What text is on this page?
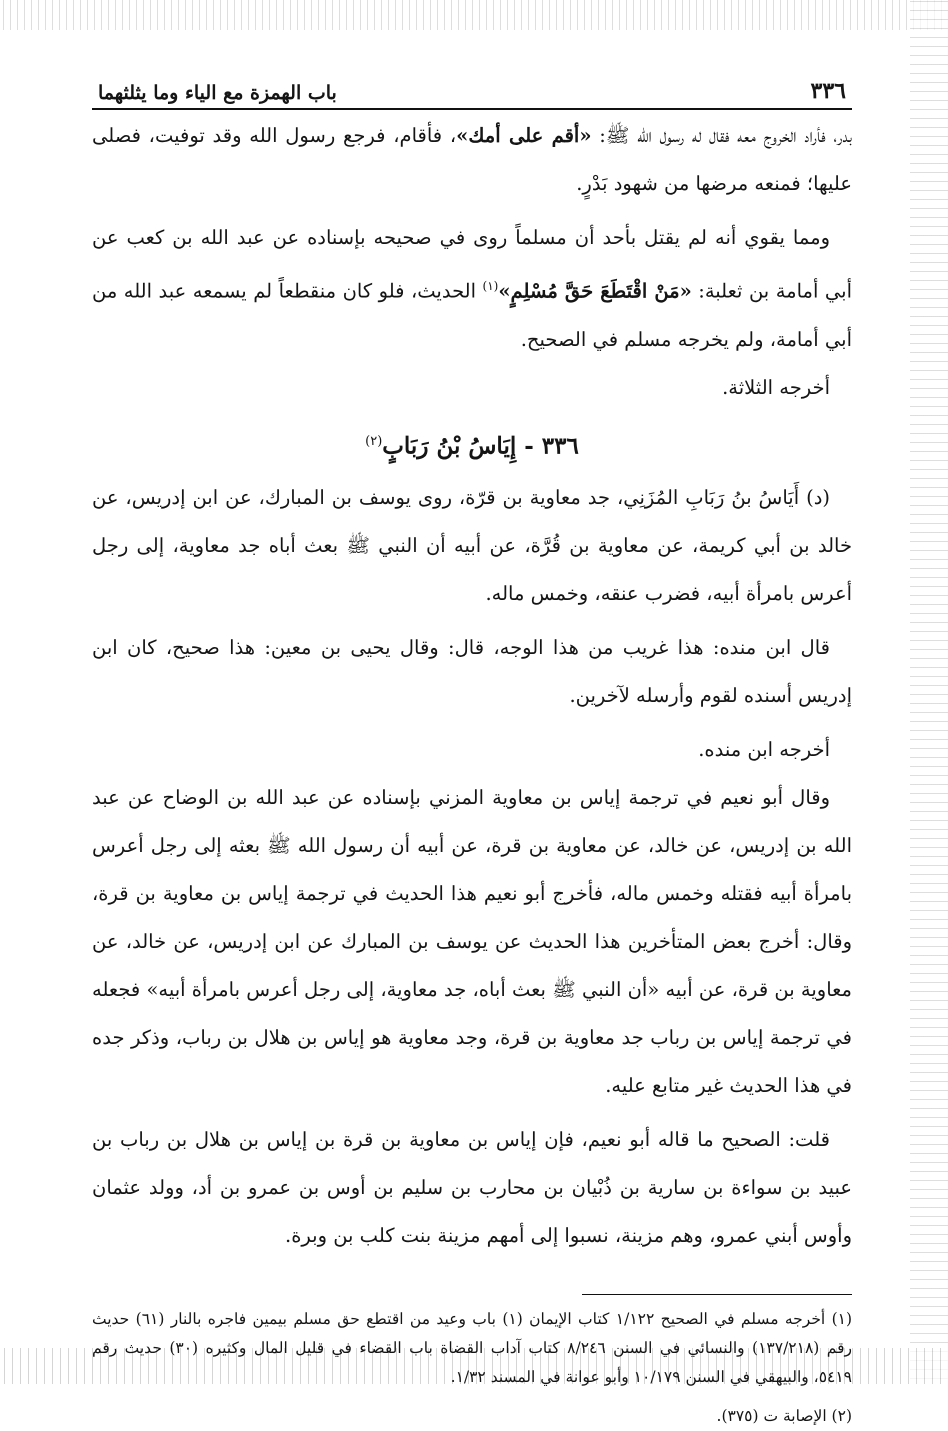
٣٣٦
باب الهمزة مع الياء وما يثلثهما

بدر، فأراد الخروج معه فقال له رسول الله ﷺ: «أقم على أمك»، فأقام، فرجع رسول الله وقد توفيت، فصلى عليها؛ فمنعه مرضها من شهود بَدْرٍ.

ومما يقوي أنه لم يقتل بأحد أن مسلماً روى في صحيحه بإسناده عن عبد الله بن كعب عن أبي أمامة بن ثعلبة: «مَنْ اقْتَطَعَ حَقَّ مُسْلِمٍ»$^{(١)}$ الحديث، فلو كان منقطعاً لم يسمعه عبد الله من أبي أمامة، ولم يخرجه مسلم في الصحيح.

أخرجه الثلاثة.

٣٣٦ - إِيَاسُ بْنُ رَبَابٍ$^{(٢)}$

(د) أَيَاسُ بنُ رَبَابِ المُزَنِي، جد معاوية بن قرّة، روى يوسف بن المبارك، عن ابن إدريس، عن خالد بن أبي كريمة، عن معاوية بن قُرَّة، عن أبيه أن النبي ﷺ بعث أباه جد معاوية، إلى رجل أعرس بامرأة أبيه، فضرب عنقه، وخمس ماله.

قال ابن منده: هذا غريب من هذا الوجه، قال: وقال يحيى بن معين: هذا صحيح، كان ابن إدريس أسنده لقوم وأرسله لآخرين.

أخرجه ابن منده.

وقال أبو نعيم في ترجمة إياس بن معاوية المزني بإسناده عن عبد الله بن الوضاح عن عبد الله بن إدريس، عن خالد، عن معاوية بن قرة، عن أبيه أن رسول الله ﷺ بعثه إلى رجل أعرس بامرأة أبيه فقتله وخمس ماله، فأخرج أبو نعيم هذا الحديث في ترجمة إياس بن معاوية بن قرة، وقال: أخرج بعض المتأخرين هذا الحديث عن يوسف بن المبارك عن ابن إدريس، عن خالد، عن معاوية بن قرة، عن أبيه «أن النبي ﷺ بعث أباه، جد معاوية، إلى رجل أعرس بامرأة أبيه» فجعله في ترجمة إياس بن رباب جد معاوية بن قرة، وجد معاوية هو إياس بن هلال بن رباب، وذكر جده في هذا الحديث غير متابع عليه.

قلت: الصحيح ما قاله أبو نعيم، فإن إياس بن معاوية بن قرة بن إياس بن هلال بن رباب بن عبيد بن سواءة بن سارية بن ذُبْيان بن محارب بن سليم بن أوس بن عمرو بن أد، وولد عثمان وأوس أبني عمرو، وهم مزينة، نسبوا إلى أمهم مزينة بنت كلب بن وبرة.

(١) أخرجه مسلم في الصحيح ١/١٢٢ كتاب الإيمان (١) باب وعيد من اقتطع حق مسلم بيمين فاجره بالنار (٦١) حديث رقم (١٣٧/٢١٨) والنسائي في السنن ٨/٢٤٦ كتاب آداب القضاة باب القضاء في قليل المال وكثيره (٣٠) حديث رقم ٥٤١٩، والبيهقي في السنن ١٠/١٧٩ وأبو عوانة في المسند ١/٣٢.

(٢) الإصابة ت (٣٧٥).
